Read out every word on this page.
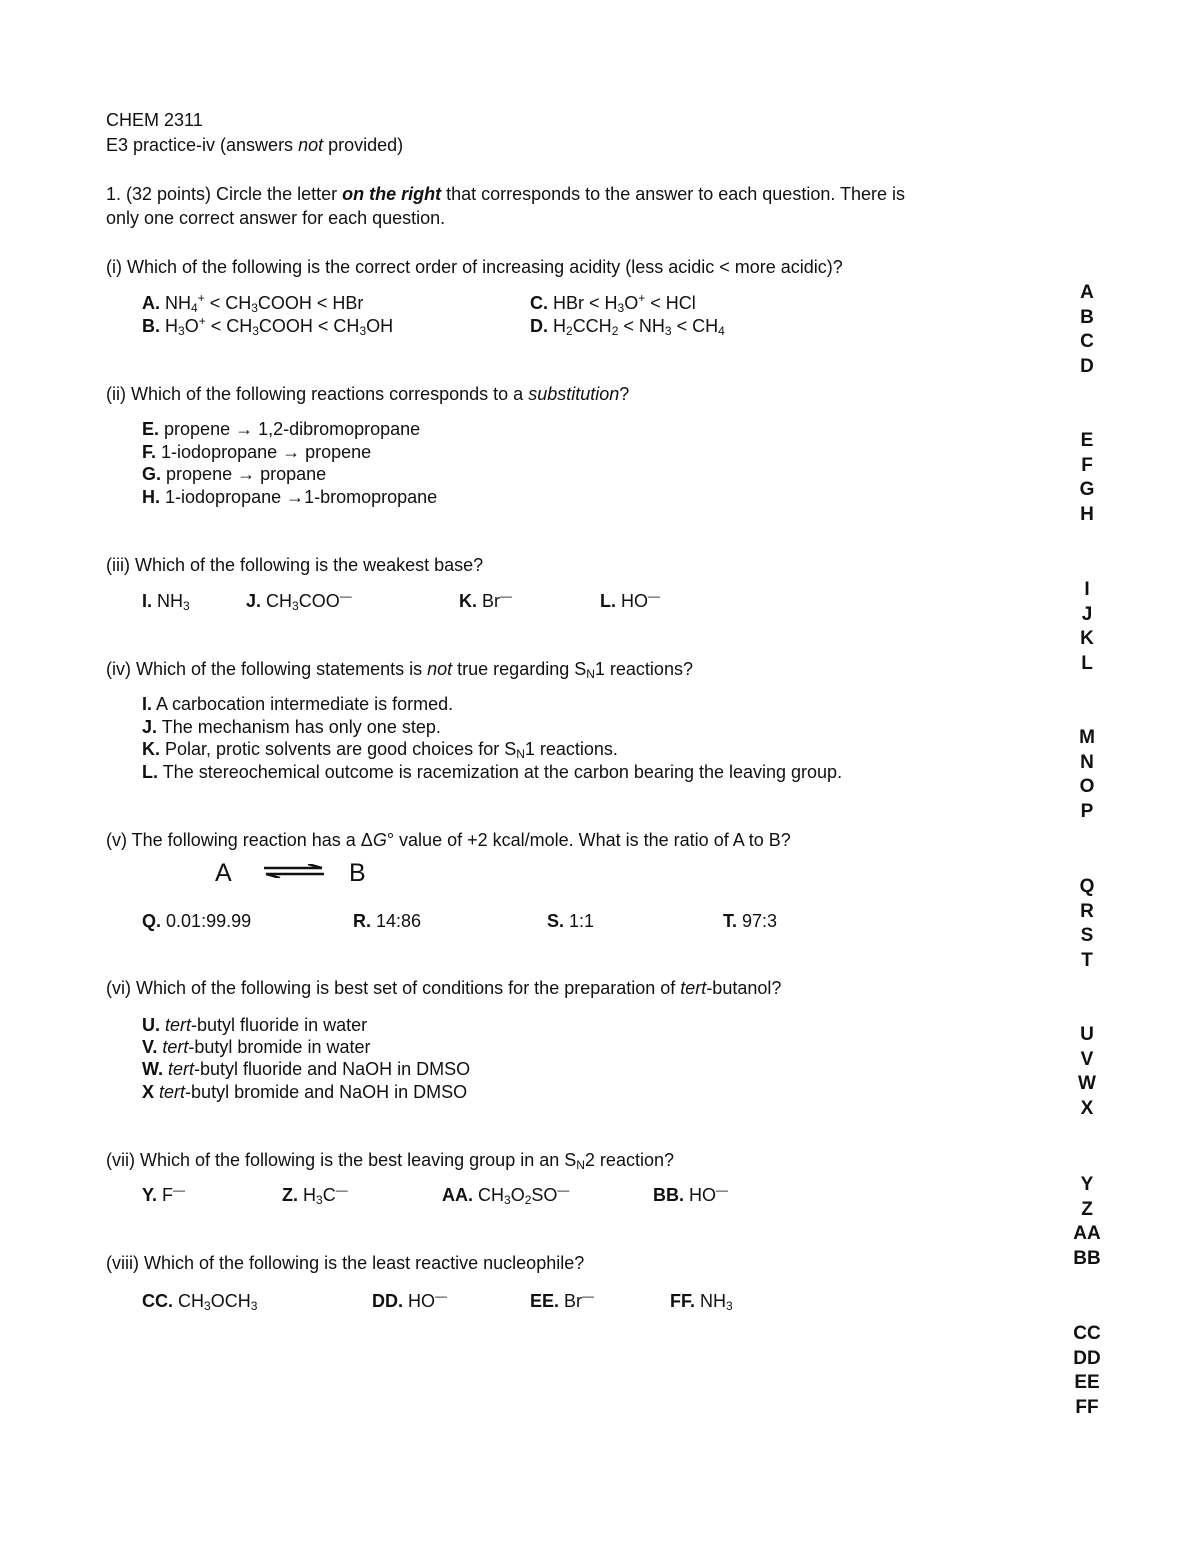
CHEM 2311
E3 practice-iv (answers not provided)
1. (32 points) Circle the letter on the right that corresponds to the answer to each question. There is
only one correct answer for each question.
(i) Which of the following is the correct order of increasing acidity (less acidic < more acidic)?
A. $NH_4^+$ < $CH_3COOH$ < HBr
B. $H_3O^+$ < $CH_3COOH < CH_3OH$
C. HBr < $H_3O^+$ < HCl
D. $H_2CCH_2 < NH_3 < CH_4$
A
B
C
D
(ii) Which of the following reactions corresponds to a substitution?
E. propene → 1,2-dibromopropane
F. 1-iodopropane → propene
G. propene → propane
H. 1-iodopropane →1-bromopropane
E
F
G
H
(iii) Which of the following is the weakest base?
I. $NH_3$	J. $CH_3COO^—$	K. Br—	L. HO—	I
J
K
L
(iv) Which of the following statements is not true regarding $S_N1$ reactions?
I. A carbocation intermediate is formed.
J. The mechanism has only one step.
K. Polar, protic solvents are good choices for $S_N1$ reactions.
L. The stereochemical outcome is racemization at the carbon bearing the leaving group.
M
N
O
P
(v) The following reaction has a ΔG° value of +2 kcal/mole. What is the ratio of A to B?
A ⇌ B
Q. 0.01:99.99	R. 14:86	S. 1:1	T. 97:3
Q
R
S
T
(vi) Which of the following is best set of conditions for the preparation of tert-butanol?
U. tert-butyl fluoride in water
V. tert-butyl bromide in water
W. tert-butyl fluoride and NaOH in DMSO
X tert-butyl bromide and NaOH in DMSO
U
V
W
X
(vii) Which of the following is the best leaving group in an $S_N2$ reaction?
Y. F—	Z. $H_3C^—$	AA. $CH_3O_2SO^—$	BB. HO—	Y
Z
AA
BB
(viii) Which of the following is the least reactive nucleophile?
CC. $CH_3OCH_3$	DD. HO—	EE. Br—	FF. $NH_3$
CC
DD
EE
FF
